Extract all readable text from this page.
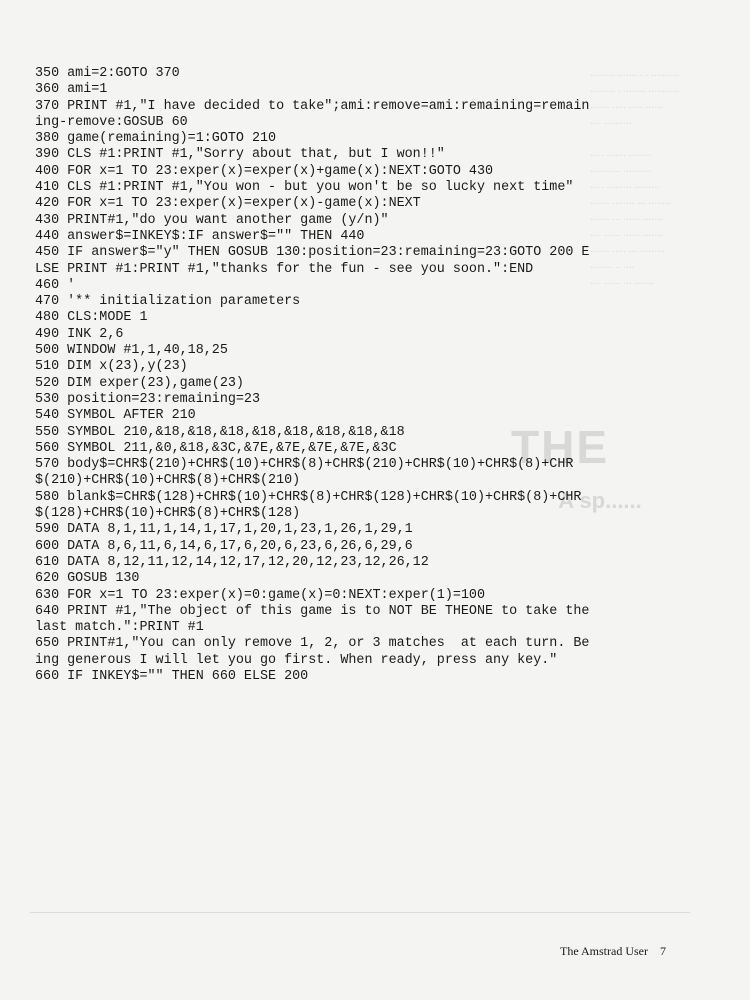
......... ....... . . ..........
......... . ........ ...........
....... ..... ..... ......
.... ..........

..... ....... ........
........... ..........
..... ......... .........
....... ........ ... ........
....... ... ...... .......
.... ...... ...... .......
....... ..... ... .........
........ .. ....
.... ...... ... .......
THE
A sp......

350 ami=2:GOTO 370
360 ami=1
370 PRINT #1,"I have decided to take";ami:remove=ami:remaining=remaining-remove:GOSUB 60
380 game(remaining)=1:GOTO 210
390 CLS #1:PRINT #1,"Sorry about that, but I won!!"
400 FOR x=1 TO 23:exper(x)=exper(x)+game(x):NEXT:GOTO 430
410 CLS #1:PRINT #1,"You won - but you won't be so lucky next time"
420 FOR x=1 TO 23:exper(x)=exper(x)-game(x):NEXT
430 PRINT#1,"do you want another game (y/n)"
440 answer$=INKEY$:IF answer$="" THEN 440
450 IF answer$="y" THEN GOSUB 130:position=23:remaining=23:GOTO 200 ELSE PRINT #1:PRINT #1,"thanks for the fun - see you soon.":END
460 '
470 '** initialization parameters
480 CLS:MODE 1
490 INK 2,6
500 WINDOW #1,1,40,18,25
510 DIM x(23),y(23)
520 DIM exper(23),game(23)
530 position=23:remaining=23
540 SYMBOL AFTER 210
550 SYMBOL 210,&18,&18,&18,&18,&18,&18,&18,&18
560 SYMBOL 211,&0,&18,&3C,&7E,&7E,&7E,&7E,&3C
570 body$=CHR$(210)+CHR$(10)+CHR$(8)+CHR$(210)+CHR$(10)+CHR$(8)+CHR$(210)+CHR$(10)+CHR$(8)+CHR$(210)
580 blank$=CHR$(128)+CHR$(10)+CHR$(8)+CHR$(128)+CHR$(10)+CHR$(8)+CHR$(128)+CHR$(10)+CHR$(8)+CHR$(128)
590 DATA 8,1,11,1,14,1,17,1,20,1,23,1,26,1,29,1
600 DATA 8,6,11,6,14,6,17,6,20,6,23,6,26,6,29,6
610 DATA 8,12,11,12,14,12,17,12,20,12,23,12,26,12
620 GOSUB 130
630 FOR x=1 TO 23:exper(x)=0:game(x)=0:NEXT:exper(1)=100
640 PRINT #1,"The object of this game is to NOT BE THEONE to take the last match.":PRINT #1
650 PRINT#1,"You can only remove 1, 2, or 3 matches  at each turn. Being generous I will let you go first. When ready, press any key."
660 IF INKEY$="" THEN 660 ELSE 200
The Amstrad User 7
